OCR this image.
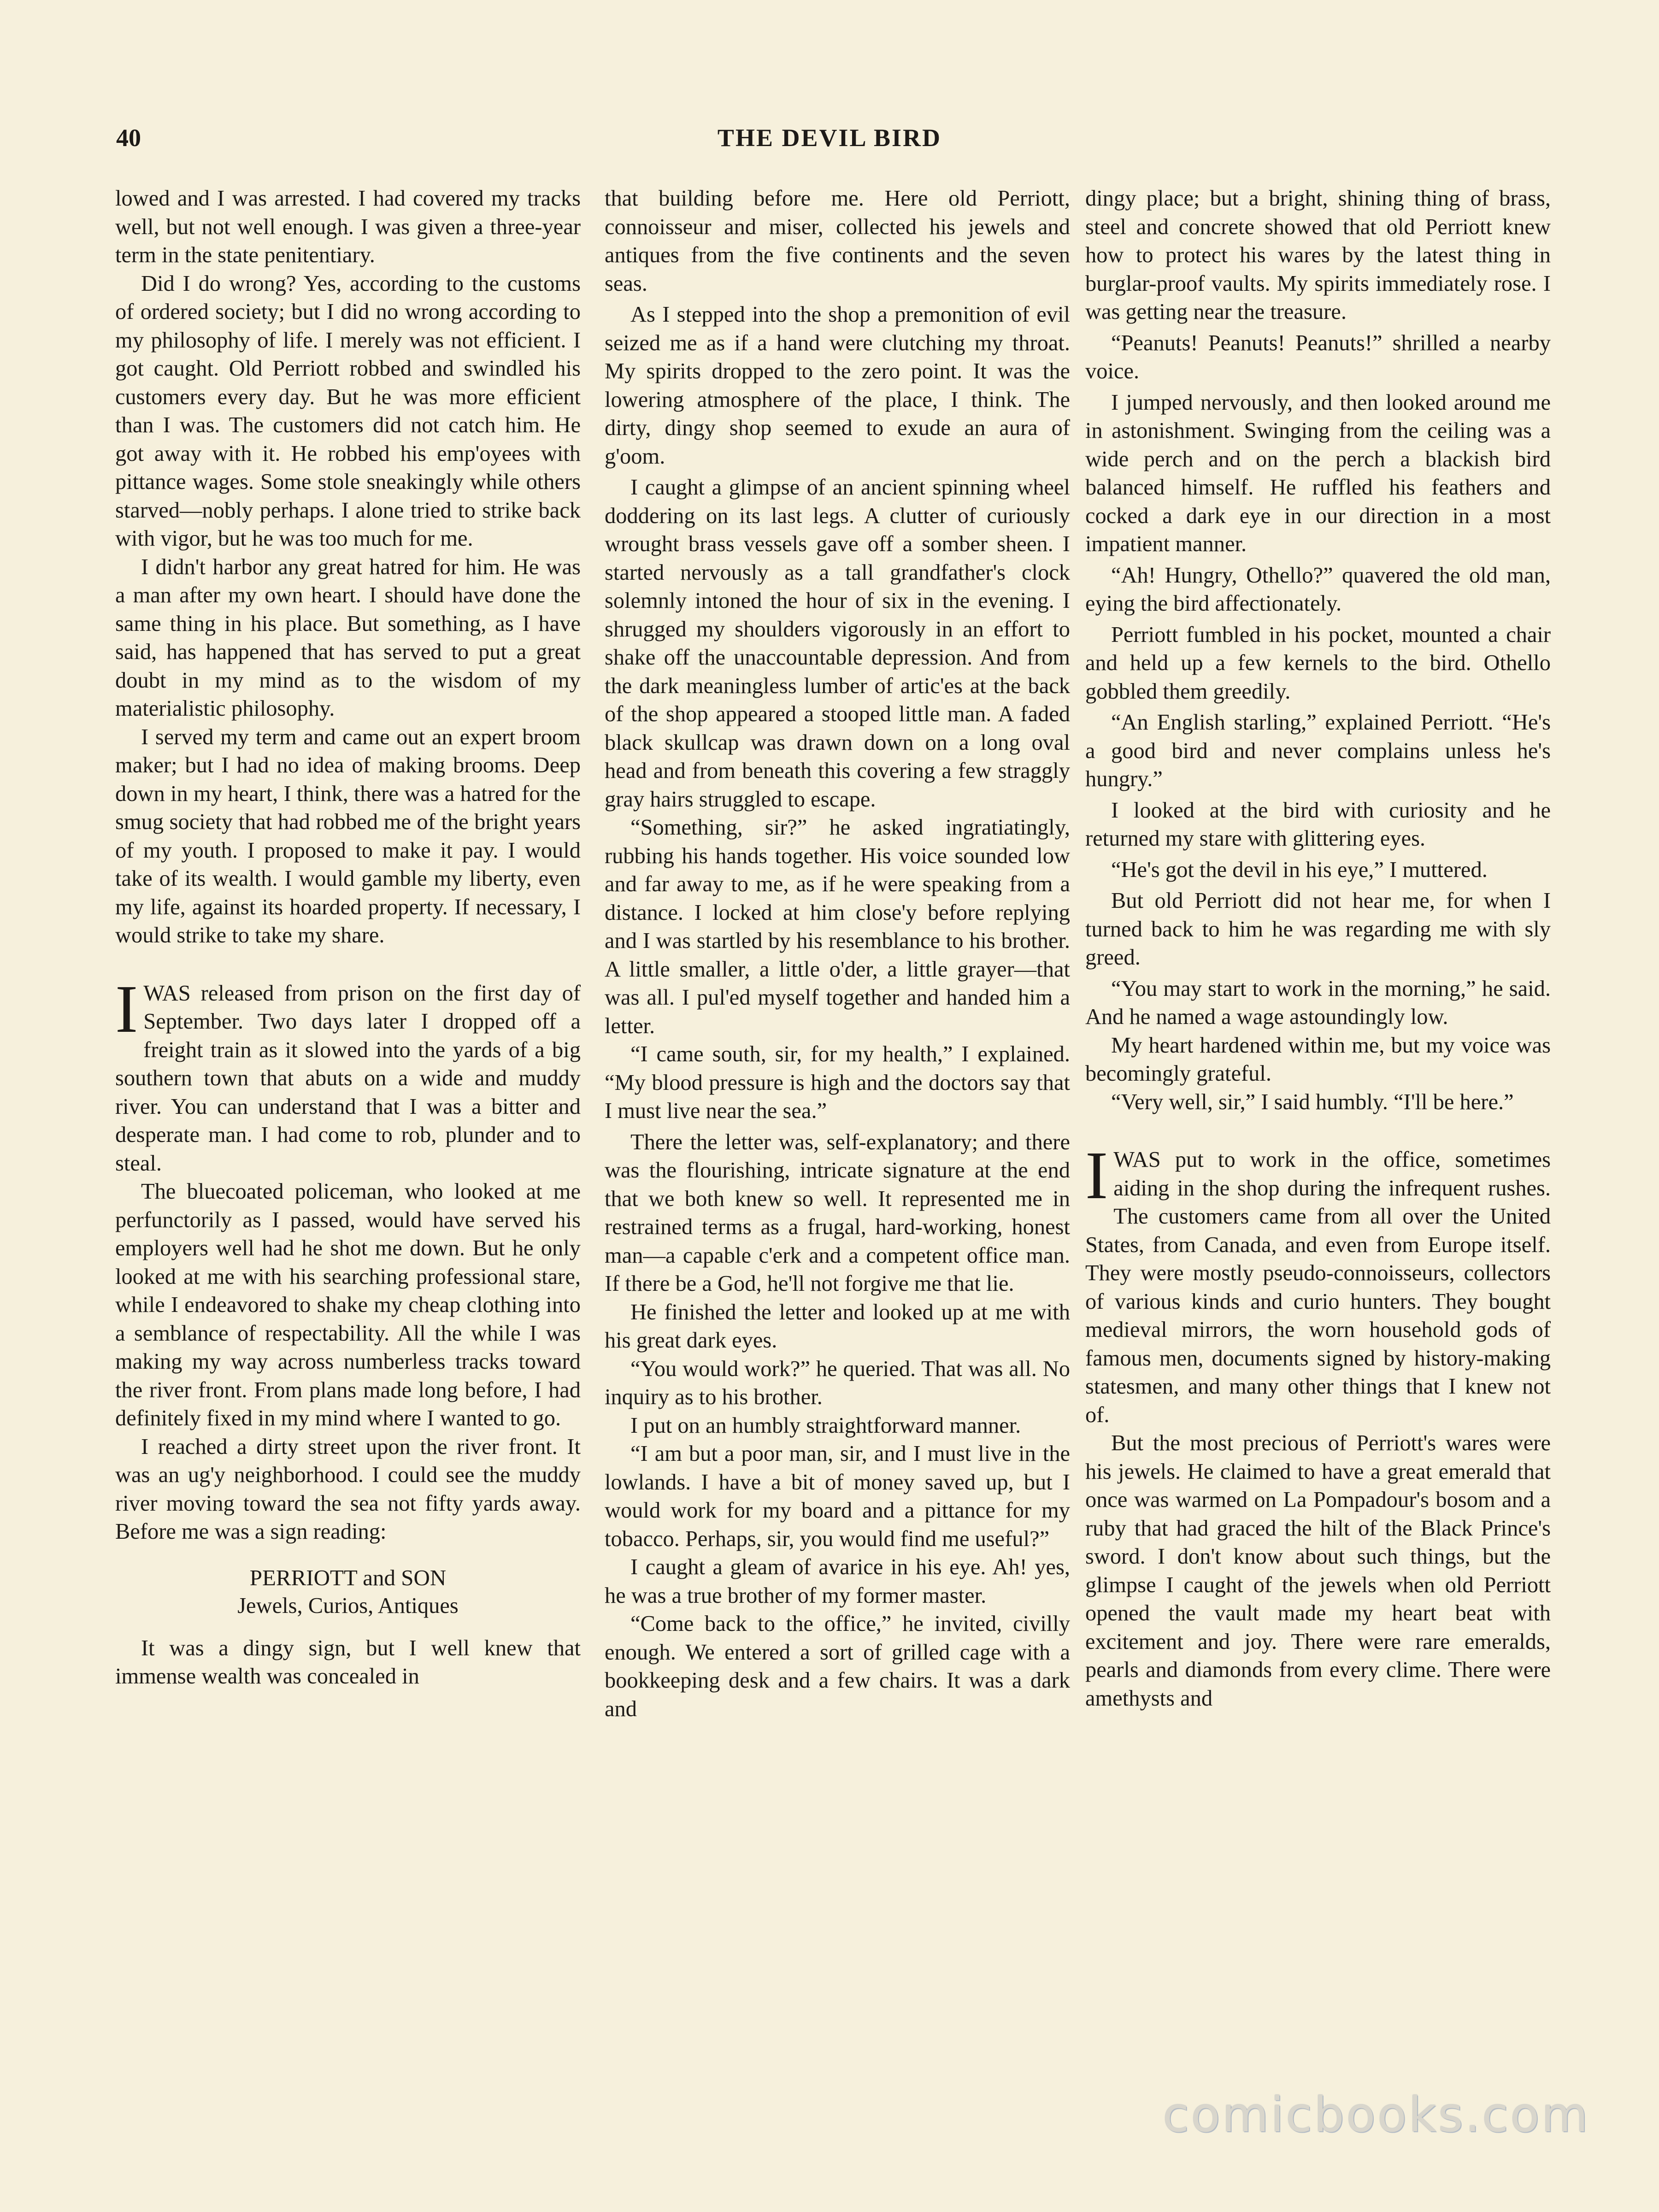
40	THE DEVIL BIRD

lowed and I was arrested. I had covered my tracks well, but not well enough. I was given a three-year term in the state penitentiary.

Did I do wrong? Yes, according to the customs of ordered society; but I did no wrong according to my philosophy of life. I merely was not efficient. I got caught. Old Perriott robbed and swindled his customers every day. But he was more efficient than I was. The customers did not catch him. He got away with it. He robbed his emp'oyees with pittance wages. Some stole sneakingly while others starved—nobly perhaps. I alone tried to strike back with vigor, but he was too much for me.

I didn't harbor any great hatred for him. He was a man after my own heart. I should have done the same thing in his place. But something, as I have said, has happened that has served to put a great doubt in my mind as to the wisdom of my materialistic philosophy.

I served my term and came out an expert broom maker; but I had no idea of making brooms. Deep down in my heart, I think, there was a hatred for the smug society that had robbed me of the bright years of my youth. I proposed to make it pay. I would take of its wealth. I would gamble my liberty, even my life, against its hoarded property. If necessary, I would strike to take my share.

IWAS released from prison on the first day of September. Two days later I dropped off a freight train as it slowed into the yards of a big southern town that abuts on a wide and muddy river. You can understand that I was a bitter and desperate man. I had come to rob, plunder and to steal.

The bluecoated policeman, who looked at me perfunctorily as I passed, would have served his employers well had he shot me down. But he only looked at me with his searching professional stare, while I endeavored to shake my cheap clothing into a semblance of respectability. All the while I was making my way across numberless tracks toward the river front. From plans made long before, I had definitely fixed in my mind where I wanted to go.

I reached a dirty street upon the river front. It was an ug'y neighborhood. I could see the muddy river moving toward the sea not fifty yards away. Before me was a sign reading:

PERRIOTT and SON
Jewels, Curios, Antiques

It was a dingy sign, but I well knew that immense wealth was concealed in

that building before me. Here old Perriott, connoisseur and miser, collected his jewels and antiques from the five continents and the seven seas.

As I stepped into the shop a premonition of evil seized me as if a hand were clutching my throat. My spirits dropped to the zero point. It was the lowering atmosphere of the place, I think. The dirty, dingy shop seemed to exude an aura of g'oom.

I caught a glimpse of an ancient spinning wheel doddering on its last legs. A clutter of curiously wrought brass vessels gave off a somber sheen. I started nervously as a tall grandfather's clock solemnly intoned the hour of six in the evening. I shrugged my shoulders vigorously in an effort to shake off the unaccountable depression. And from the dark meaningless lumber of artic'es at the back of the shop appeared a stooped little man. A faded black skullcap was drawn down on a long oval head and from beneath this covering a few straggly gray hairs struggled to escape.

“Something, sir?” he asked ingratiatingly, rubbing his hands together. His voice sounded low and far away to me, as if he were speaking from a distance. I locked at him close'y before replying and I was startled by his resemblance to his brother. A little smaller, a little o'der, a little grayer—that was all. I pul'ed myself together and handed him a letter.

“I came south, sir, for my health,” I explained. “My blood pressure is high and the doctors say that I must live near the sea.”

There the letter was, self-explanatory; and there was the flourishing, intricate signature at the end that we both knew so well. It represented me in restrained terms as a frugal, hard-working, honest man—a capable c'erk and a competent office man. If there be a God, he'll not forgive me that lie.

He finished the letter and looked up at me with his great dark eyes.

“You would work?” he queried. That was all. No inquiry as to his brother.

I put on an humbly straightforward manner.

“I am but a poor man, sir, and I must live in the lowlands. I have a bit of money saved up, but I would work for my board and a pittance for my tobacco. Perhaps, sir, you would find me useful?”

I caught a gleam of avarice in his eye. Ah! yes, he was a true brother of my former master.

“Come back to the office,” he invited, civilly enough. We entered a sort of grilled cage with a bookkeeping desk and a few chairs. It was a dark and

dingy place; but a bright, shining thing of brass, steel and concrete showed that old Perriott knew how to protect his wares by the latest thing in burglar-proof vaults. My spirits immediately rose. I was getting near the treasure.

“Peanuts! Peanuts! Peanuts!” shrilled a nearby voice.

I jumped nervously, and then looked around me in astonishment. Swinging from the ceiling was a wide perch and on the perch a blackish bird balanced himself. He ruffled his feathers and cocked a dark eye in our direction in a most impatient manner.

“Ah! Hungry, Othello?” quavered the old man, eying the bird affectionately.

Perriott fumbled in his pocket, mounted a chair and held up a few kernels to the bird. Othello gobbled them greedily.

“An English starling,” explained Perriott. “He's a good bird and never complains unless he's hungry.”

I looked at the bird with curiosity and he returned my stare with glittering eyes.

“He's got the devil in his eye,” I muttered.

But old Perriott did not hear me, for when I turned back to him he was regarding me with sly greed.

“You may start to work in the morning,” he said. And he named a wage astoundingly low.

My heart hardened within me, but my voice was becomingly grateful.

“Very well, sir,” I said humbly. “I'll be here.”

IWAS put to work in the office, sometimes aiding in the shop during the infrequent rushes. The customers came from all over the United States, from Canada, and even from Europe itself. They were mostly pseudo-connoisseurs, collectors of various kinds and curio hunters. They bought medieval mirrors, the worn household gods of famous men, documents signed by history-making statesmen, and many other things that I knew not of.

But the most precious of Perriott's wares were his jewels. He claimed to have a great emerald that once was warmed on La Pompadour's bosom and a ruby that had graced the hilt of the Black Prince's sword. I don't know about such things, but the glimpse I caught of the jewels when old Perriott opened the vault made my heart beat with excitement and joy. There were rare emeralds, pearls and diamonds from every clime. There were amethysts and

comicbooks.com
